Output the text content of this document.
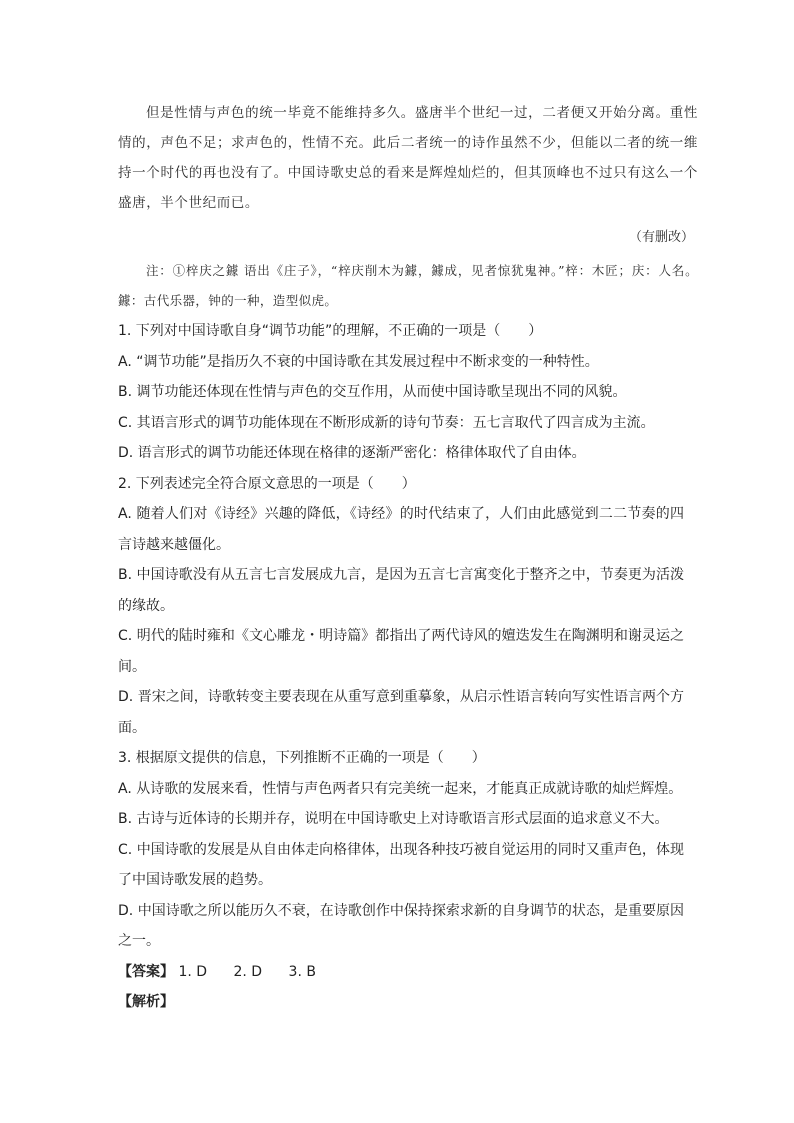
但是性情与声色的统一毕竟不能维持多久。盛唐半个世纪一过，二者便又开始分离。重性情的，声色不足；求声色的，性情不充。此后二者统一的诗作虽然不少，但能以二者的统一维持一个时代的再也没有了。中国诗歌史总的看来是辉煌灿烂的，但其顶峰也不过只有这么一个盛唐，半个世纪而已。

（有删改）

注：①梓庆之鐻 语出《庄子》，“梓庆削木为鐻，鐻成，见者惊犹鬼神。”梓：木匠；庆：人名。鐻：古代乐器，钟的一种，造型似虎。

1. 下列对中国诗歌自身“调节功能”的理解，不正确的一项是（　　）

A. “调节功能”是指历久不衰的中国诗歌在其发展过程中不断求变的一种特性。

B. 调节功能还体现在性情与声色的交互作用，从而使中国诗歌呈现出不同的风貌。

C. 其语言形式的调节功能体现在不断形成新的诗句节奏：五七言取代了四言成为主流。

D. 语言形式的调节功能还体现在格律的逐渐严密化：格律体取代了自由体。

2. 下列表述完全符合原文意思的一项是（　　）

A. 随着人们对《诗经》兴趣的降低，《诗经》的时代结束了，人们由此感觉到二二节奏的四言诗越来越僵化。

B. 中国诗歌没有从五言七言发展成九言，是因为五言七言寓变化于整齐之中，节奏更为活泼的缘故。

C. 明代的陆时雍和《文心雕龙・明诗篇》都指出了两代诗风的嬗迭发生在陶渊明和谢灵运之间。

D. 晋宋之间，诗歌转变主要表现在从重写意到重摹象，从启示性语言转向写实性语言两个方面。

3. 根据原文提供的信息，下列推断不正确的一项是（　　）

A. 从诗歌的发展来看，性情与声色两者只有完美统一起来，才能真正成就诗歌的灿烂辉煌。

B. 古诗与近体诗的长期并存，说明在中国诗歌史上对诗歌语言形式层面的追求意义不大。

C. 中国诗歌的发展是从自由体走向格律体，出现各种技巧被自觉运用的同时又重声色，体现了中国诗歌发展的趋势。

D. 中国诗歌之所以能历久不衰，在诗歌创作中保持探索求新的自身调节的状态，是重要原因之一。

【答案】 1. D 2. D 3. B

【解析】
